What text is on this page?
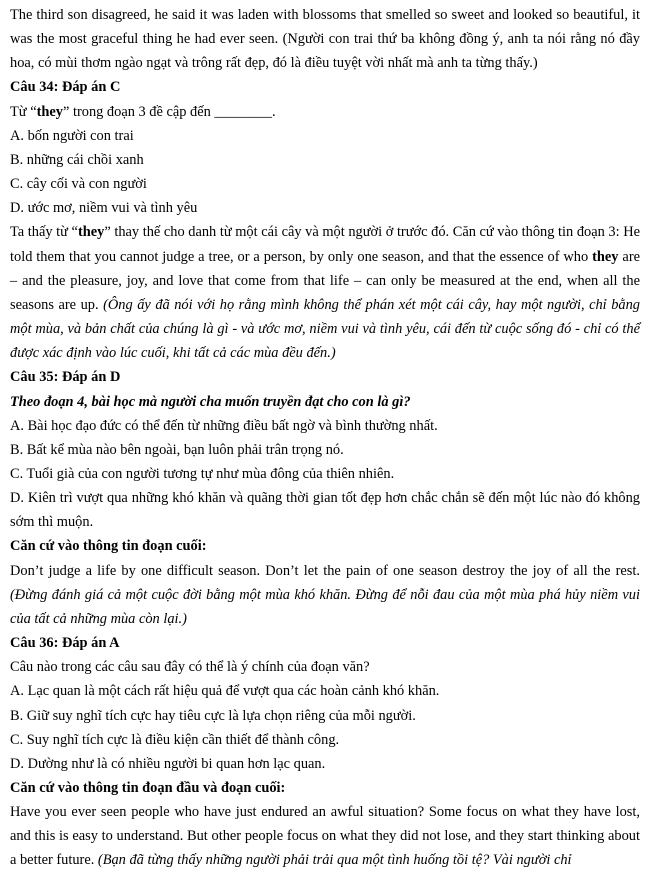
The third son disagreed, he said it was laden with blossoms that smelled so sweet and looked so beautiful, it was the most graceful thing he had ever seen. (Người con trai thứ ba không đồng ý, anh ta nói rằng nó đầy hoa, có mùi thơm ngào ngạt và trông rất đẹp, đó là điều tuyệt vời nhất mà anh ta từng thấy.)

Câu 34: Đáp án C

Từ “they” trong đoạn 3 đề cập đến ________.

A. bốn người con trai

B. những cái chồi xanh

C. cây cối và con người

D. ước mơ, niềm vui và tình yêu

Ta thấy từ “they” thay thế cho danh từ một cái cây và một người ở trước đó. Căn cứ vào thông tin đoạn 3: He told them that you cannot judge a tree, or a person, by only one season, and that the essence of who they are – and the pleasure, joy, and love that come from that life – can only be measured at the end, when all the seasons are up. (Ông ấy đã nói với họ rằng mình không thể phán xét một cái cây, hay một người, chỉ bằng một mùa, và bản chất của chúng là gì - và ước mơ, niềm vui và tình yêu, cái đến từ cuộc sống đó - chỉ có thể được xác định vào lúc cuối, khi tất cả các mùa đều đến.)

Câu 35: Đáp án D

Theo đoạn 4, bài học mà người cha muốn truyền đạt cho con là gì?

A. Bài học đạo đức có thể đến từ những điều bất ngờ và bình thường nhất.

B. Bất kể mùa nào bên ngoài, bạn luôn phải trân trọng nó.

C. Tuổi già của con người tương tự như mùa đông của thiên nhiên.

D. Kiên trì vượt qua những khó khăn và quãng thời gian tốt đẹp hơn chắc chắn sẽ đến một lúc nào đó không sớm thì muộn.

Căn cứ vào thông tin đoạn cuối:

Don’t judge a life by one difficult season. Don’t let the pain of one season destroy the joy of all the rest.(Đừng đánh giá cả một cuộc đời bằng một mùa khó khăn. Đừng để nỗi đau của một mùa phá hủy niềm vui của tất cả những mùa còn lại.)

Câu 36: Đáp án A

Câu nào trong các câu sau đây có thể là ý chính của đoạn văn?

A. Lạc quan là một cách rất hiệu quả để vượt qua các hoàn cảnh khó khăn.

B. Giữ suy nghĩ tích cực hay tiêu cực là lựa chọn riêng của mỗi người.

C. Suy nghĩ tích cực là điều kiện cần thiết để thành công.

D. Dường như là có nhiều người bi quan hơn lạc quan.

Căn cứ vào thông tin đoạn đầu và đoạn cuối:

Have you ever seen people who have just endured an awful situation? Some focus on what they have lost, and this is easy to understand. But other people focus on what they did not lose, and they start thinking about a better future. (Bạn đã từng thấy những người phải trải qua một tình huống tồi tệ? Vài người chỉ
